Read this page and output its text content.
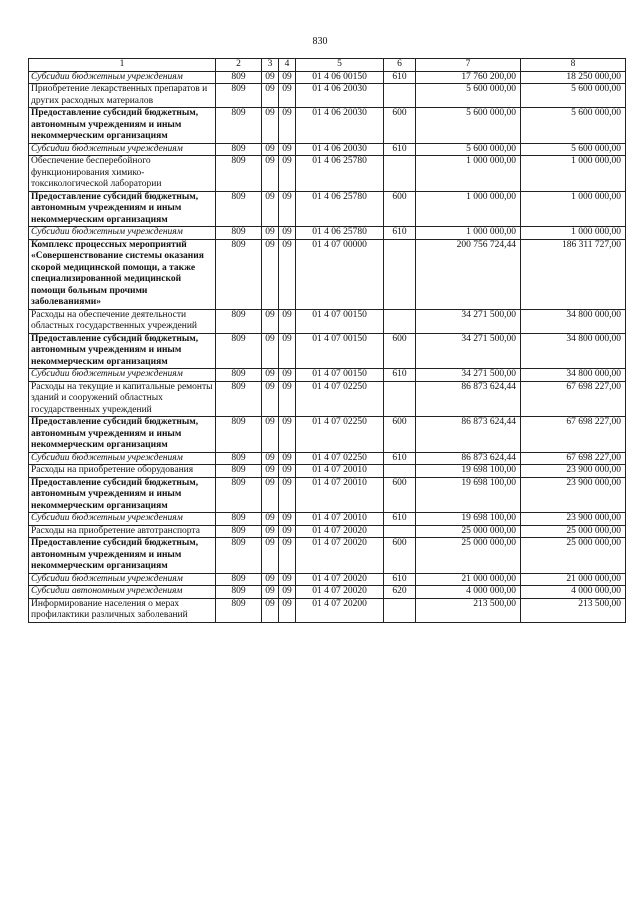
830
1	2	3	4	5	6	7	8
Субсидии бюджетным учреждениям	809	09	09	01 4 06 00150	610	17 760 200,00	18 250 000,00
Приобретение лекарственных препаратов и других расходных материалов	809	09	09	01 4 06 20030		5 600 000,00	5 600 000,00
Предоставление субсидий бюджетным, автономным учреждениям и иным некоммерческим организациям	809	09	09	01 4 06 20030	600	5 600 000,00	5 600 000,00
Субсидии бюджетным учреждениям	809	09	09	01 4 06 20030	610	5 600 000,00	5 600 000,00
Обеспечение бесперебойного функционирования химико-токсикологической лаборатории	809	09	09	01 4 06 25780		1 000 000,00	1 000 000,00
Предоставление субсидий бюджетным, автономным учреждениям и иным некоммерческим организациям	809	09	09	01 4 06 25780	600	1 000 000,00	1 000 000,00
Субсидии бюджетным учреждениям	809	09	09	01 4 06 25780	610	1 000 000,00	1 000 000,00
Комплекс процессных мероприятий «Совершенствование системы оказания скорой медицинской помощи, а также специализированной медицинской помощи больным прочими заболеваниями»	809	09	09	01 4 07 00000		200 756 724,44	186 311 727,00
Расходы на обеспечение деятельности областных государственных учреждений	809	09	09	01 4 07 00150		34 271 500,00	34 800 000,00
Предоставление субсидий бюджетным, автономным учреждениям и иным некоммерческим организациям	809	09	09	01 4 07 00150	600	34 271 500,00	34 800 000,00
Субсидии бюджетным учреждениям	809	09	09	01 4 07 00150	610	34 271 500,00	34 800 000,00
Расходы на текущие и капитальные ремонты зданий и сооружений областных государственных учреждений	809	09	09	01 4 07 02250		86 873 624,44	67 698 227,00
Предоставление субсидий бюджетным, автономным учреждениям и иным некоммерческим организациям	809	09	09	01 4 07 02250	600	86 873 624,44	67 698 227,00
Субсидии бюджетным учреждениям	809	09	09	01 4 07 02250	610	86 873 624,44	67 698 227,00
Расходы на приобретение оборудования	809	09	09	01 4 07 20010		19 698 100,00	23 900 000,00
Предоставление субсидий бюджетным, автономным учреждениям и иным некоммерческим организациям	809	09	09	01 4 07 20010	600	19 698 100,00	23 900 000,00
Субсидии бюджетным учреждениям	809	09	09	01 4 07 20010	610	19 698 100,00	23 900 000,00
Расходы на приобретение автотранспорта	809	09	09	01 4 07 20020		25 000 000,00	25 000 000,00
Предоставление субсидий бюджетным, автономным учреждениям и иным некоммерческим организациям	809	09	09	01 4 07 20020	600	25 000 000,00	25 000 000,00
Субсидии бюджетным учреждениям	809	09	09	01 4 07 20020	610	21 000 000,00	21 000 000,00
Субсидии автономным учреждениям	809	09	09	01 4 07 20020	620	4 000 000,00	4 000 000,00
Информирование населения о мерах профилактики различных заболеваний	809	09	09	01 4 07 20200		213 500,00	213 500,00
